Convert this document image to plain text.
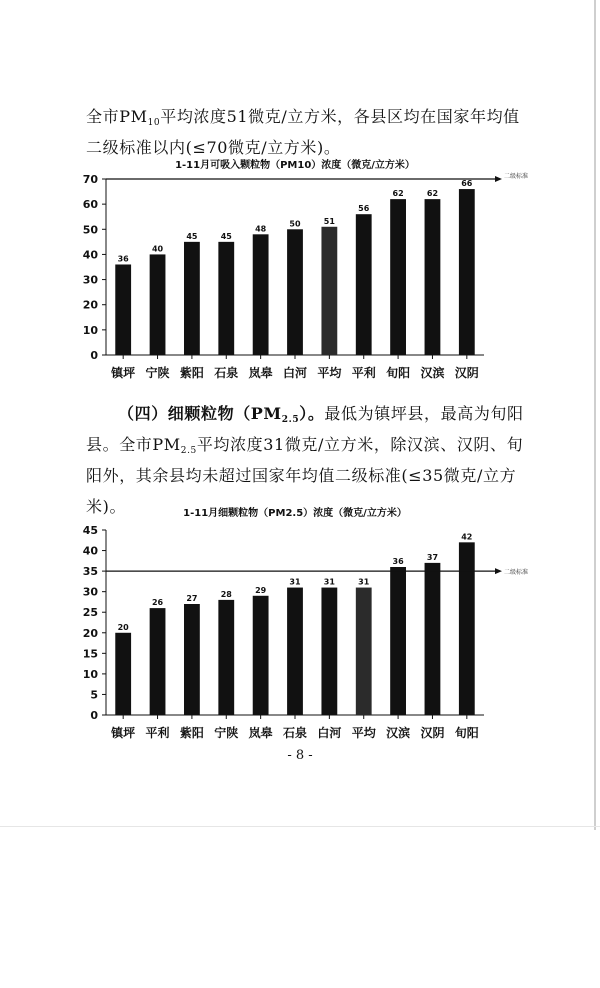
全市$PM_{10}$平均浓度51微克/立方米，各县区均在国家年均值二级标准以内(≤70微克/立方米)。

1-11月可吸入颗粒物（PM10）浓度（微克/立方米）
0
10
20
30
40
50
60
70
36
镇坪
40
宁陕
45
紫阳
45
石泉
48
岚皋
50
白河
51
平均
56
平利
62
旬阳
62
汉滨
66
汉阴
二级标准

（四）细颗粒物$(PM_{2.5})$。最低为镇坪县，最高为旬阳县。全市$PM_{2.5}$平均浓度31微克/立方米，除汉滨、汉阴、旬阳外，其余县均未超过国家年均值二级标准(≤35微克/立方米)。	1-11月细颗粒物（PM2.5）浓度（微克/立方米）
0
5
10
15
20
25
30
35
40
45
20
镇坪
26
平利
27
紫阳
28
宁陕
29
岚皋
31
石泉
31
白河
31
平均
36
汉滨
37
汉阴
42
旬阳
二级标准
- 8 -
